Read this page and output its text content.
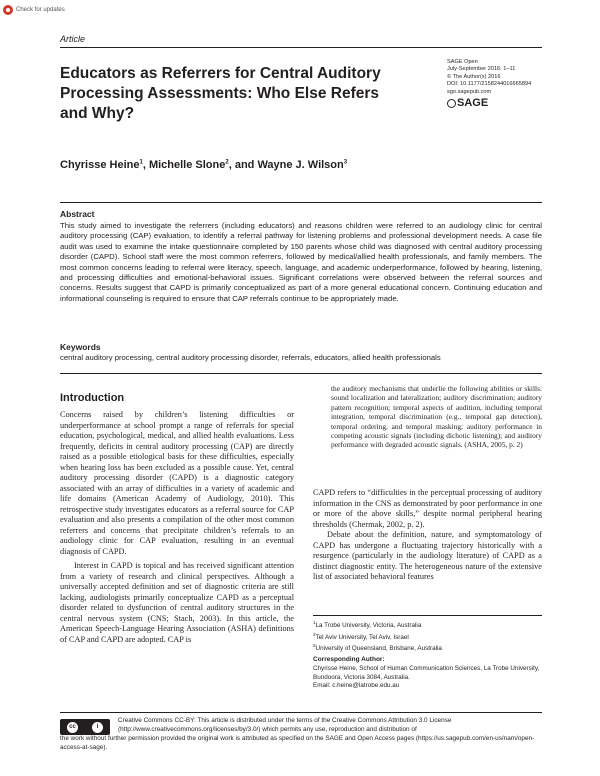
Check for updates
Article
Educators as Referrers for Central Auditory Processing Assessments: Who Else Refers and Why?
SAGE Open
July-September 2016: 1–11
© The Author(s) 2016
DOI: 10.1177/2158244016665894
sgo.sagepub.com
SAGE
Chyrisse Heine$^1$, Michelle Slone$^2$, and Wayne J. Wilson$^3$
Abstract
This study aimed to investigate the referrers (including educators) and reasons children were referred to an audiology clinic for central auditory processing (CAP) evaluation, to identify a referral pathway for listening problems and professional development needs. A case file audit was used to examine the intake questionnaire completed by 150 parents whose child was diagnosed with central auditory processing disorder (CAPD). School staff were the most common referrers, followed by medical/allied health professionals, and family members. The most common concerns leading to referral were literacy, speech, language, and academic underperformance, followed by hearing, listening, and processing difficulties and emotional-behavioral issues. Significant correlations were observed between the referral sources and concerns. Results suggest that CAPD is primarily conceptualized as part of a more general educational concern. Continuing education and informational counseling is required to ensure that CAP referrals continue to be appropriately made.
Keywords
central auditory processing, central auditory processing disorder, referrals, educators, allied health professionals
Introduction

Concerns raised by children’s listening difficulties or underperformance at school prompt a range of referrals for special education, psychological, medical, and allied health evaluations. Less frequently, deficits in central auditory processing (CAP) are directly raised as a possible etiological basis for these difficulties, especially when hearing loss has been excluded as a possible cause. Yet, central auditory processing disorder (CAPD) is a diagnostic category associated with an array of difficulties in a variety of academic and life domains (American Academy of Audiology, 2010). This retrospective study investigates educators as a referral source for CAP evaluation and also presents a compilation of the other most common referrers and concerns that precipitate children’s referrals to an audiology clinic for CAP evaluation, resulting in an eventual diagnosis of CAPD.

Interest in CAPD is topical and has received significant attention from a variety of research and clinical perspectives. Although a universally accepted definition and set of diagnostic criteria are still lacking, audiologists primarily conceptualize CAPD as a perceptual disorder related to dysfunction of central auditory structures in the central nervous system (CNS; Stach, 2003). In this article, the American Speech-Language Hearing Association (ASHA) definitions of CAP and CAPD are adopted. CAP is

the auditory mechanisms that underlie the following abilities or skills: sound localization and lateralization; auditory discrimination; auditory pattern recognition; temporal aspects of audition, including temporal integration, temporal discrimination (e.g., temporal gap detection), temporal ordering, and temporal masking; auditory performance in competing acoustic signals (including dichotic listening); and auditory performance with degraded acoustic signals. (ASHA, 2005, p. 2)

CAPD refers to “difficulties in the perceptual processing of auditory information in the CNS as demonstrated by poor performance in one or more of the above skills,” despite normal peripheral hearing thresholds (Chermak, 2002, p. 2).

Debate about the definition, nature, and symptomatology of CAPD has undergone a fluctuating trajectory historically with a resurgence (particularly in the audiology literature) of CAPD as a distinct diagnostic entity. The heterogeneous nature of the extensive list of associated behavioral features

$^1$La Trobe University, Victoria, Australia
$^2$Tel Aviv University, Tel Aviv, Israel
$^3$University of Queensland, Brisbane, Australia
Corresponding Author:
Chyrisse Heine, School of Human Communication Sciences, La Trobe University, Bundoora, Victoria 3084, Australia.
Email: c.heine@latrobe.edu.au
cc	i
Creative Commons CC-BY: This article is distributed under the terms of the Creative Commons Attribution 3.0 License (http://www.creativecommons.org/licenses/by/3.0/) which permits any use, reproduction and distribution of
the work without further permission provided the original work is attributed as specified on the SAGE and Open Access pages (https://us.sagepub.com/en-us/nam/open-access-at-sage).
